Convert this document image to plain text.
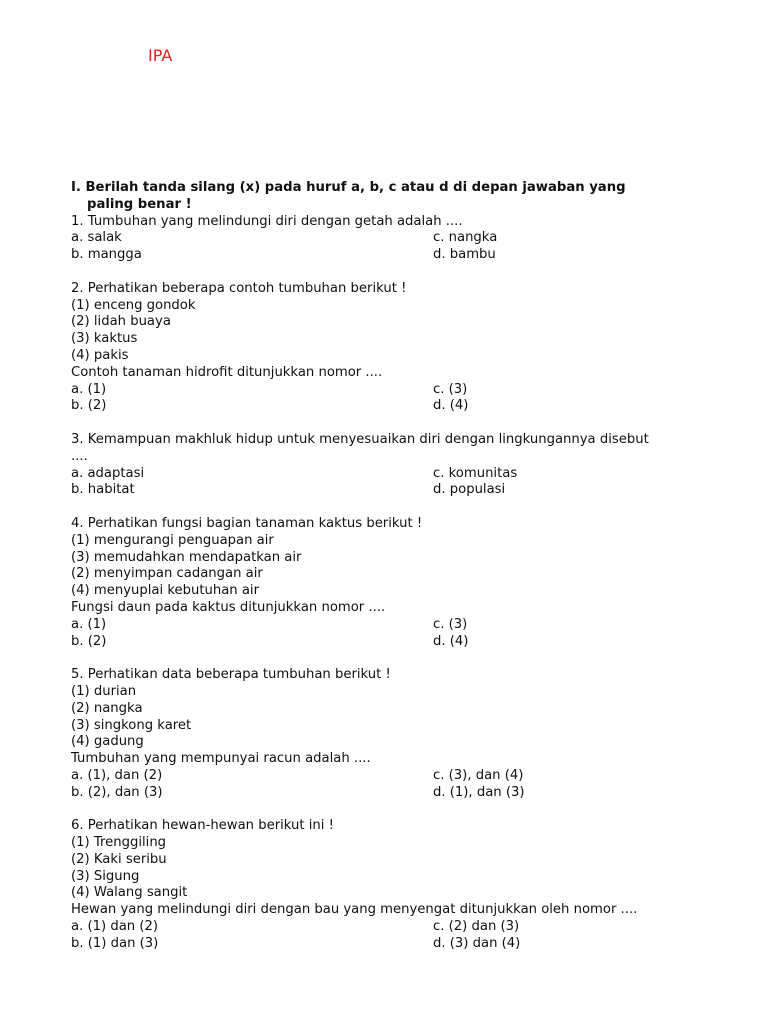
IPA
I. Berilah tanda silang (x) pada huruf a, b, c atau d di depan jawaban yang
paling benar !
1. Tumbuhan yang melindungi diri dengan getah adalah ....
a. salak	c. nangka
b. mangga	d. bambu
2. Perhatikan beberapa contoh tumbuhan berikut !
(1) enceng gondok
(2) lidah buaya
(3) kaktus
(4) pakis
Contoh tanaman hidrofit ditunjukkan nomor ....
a. (1)	c. (3)
b. (2)	d. (4)
3. Kemampuan makhluk hidup untuk menyesuaikan diri dengan lingkungannya disebut
....
a. adaptasi	c. komunitas
b. habitat	d. populasi
4. Perhatikan fungsi bagian tanaman kaktus berikut !
(1) mengurangi penguapan air
(3) memudahkan mendapatkan air
(2) menyimpan cadangan air
(4) menyuplai kebutuhan air
Fungsi daun pada kaktus ditunjukkan nomor ....
a. (1)	c. (3)
b. (2)	d. (4)
5. Perhatikan data beberapa tumbuhan berikut !
(1) durian
(2) nangka
(3) singkong karet
(4) gadung
Tumbuhan yang mempunyai racun adalah ....
a. (1), dan (2)	c. (3), dan (4)
b. (2), dan (3)	d. (1), dan (3)
6. Perhatikan hewan-hewan berikut ini !
(1) Trenggiling
(2) Kaki seribu
(3) Sigung
(4) Walang sangit
Hewan yang melindungi diri dengan bau yang menyengat ditunjukkan oleh nomor ....
a. (1) dan (2)	c. (2) dan (3)
b. (1) dan (3)	d. (3) dan (4)
